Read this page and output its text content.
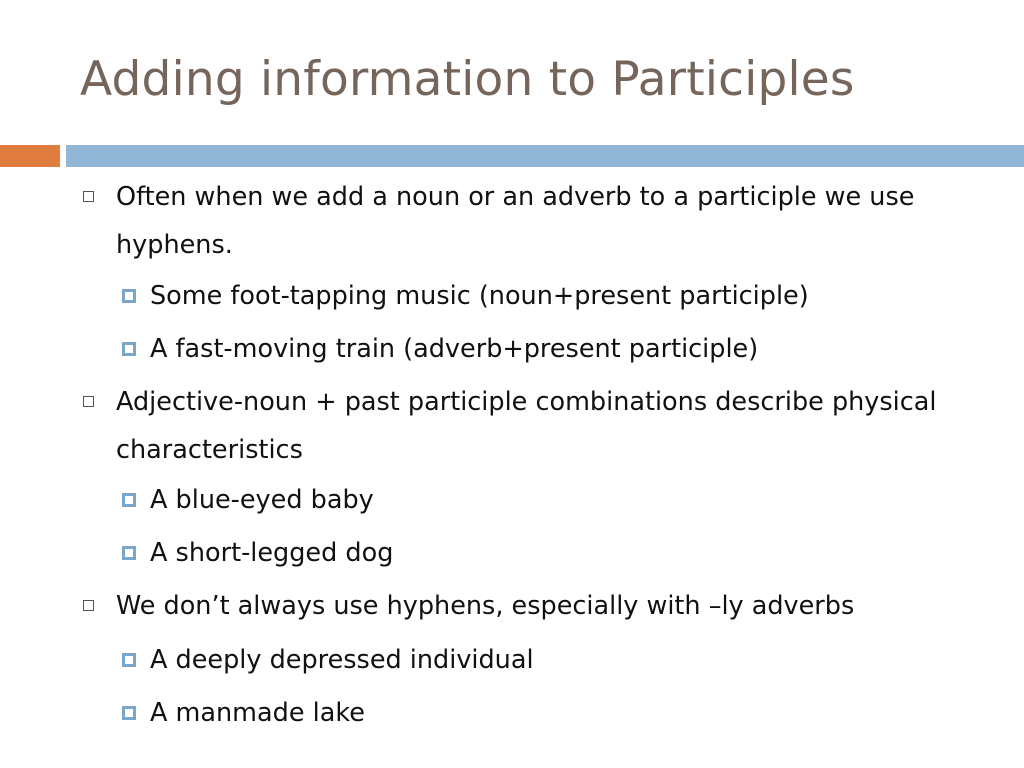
Adding information to Participles
Often when we add a noun or an adverb to a participle we use hyphens.
Some foot-tapping music (noun+present participle)
A fast-moving train (adverb+present participle)
Adjective-noun + past participle combinations describe physical characteristics
A blue-eyed baby
A short-legged dog
We don’t always use hyphens, especially with –ly adverbs
A deeply depressed individual
A manmade lake
